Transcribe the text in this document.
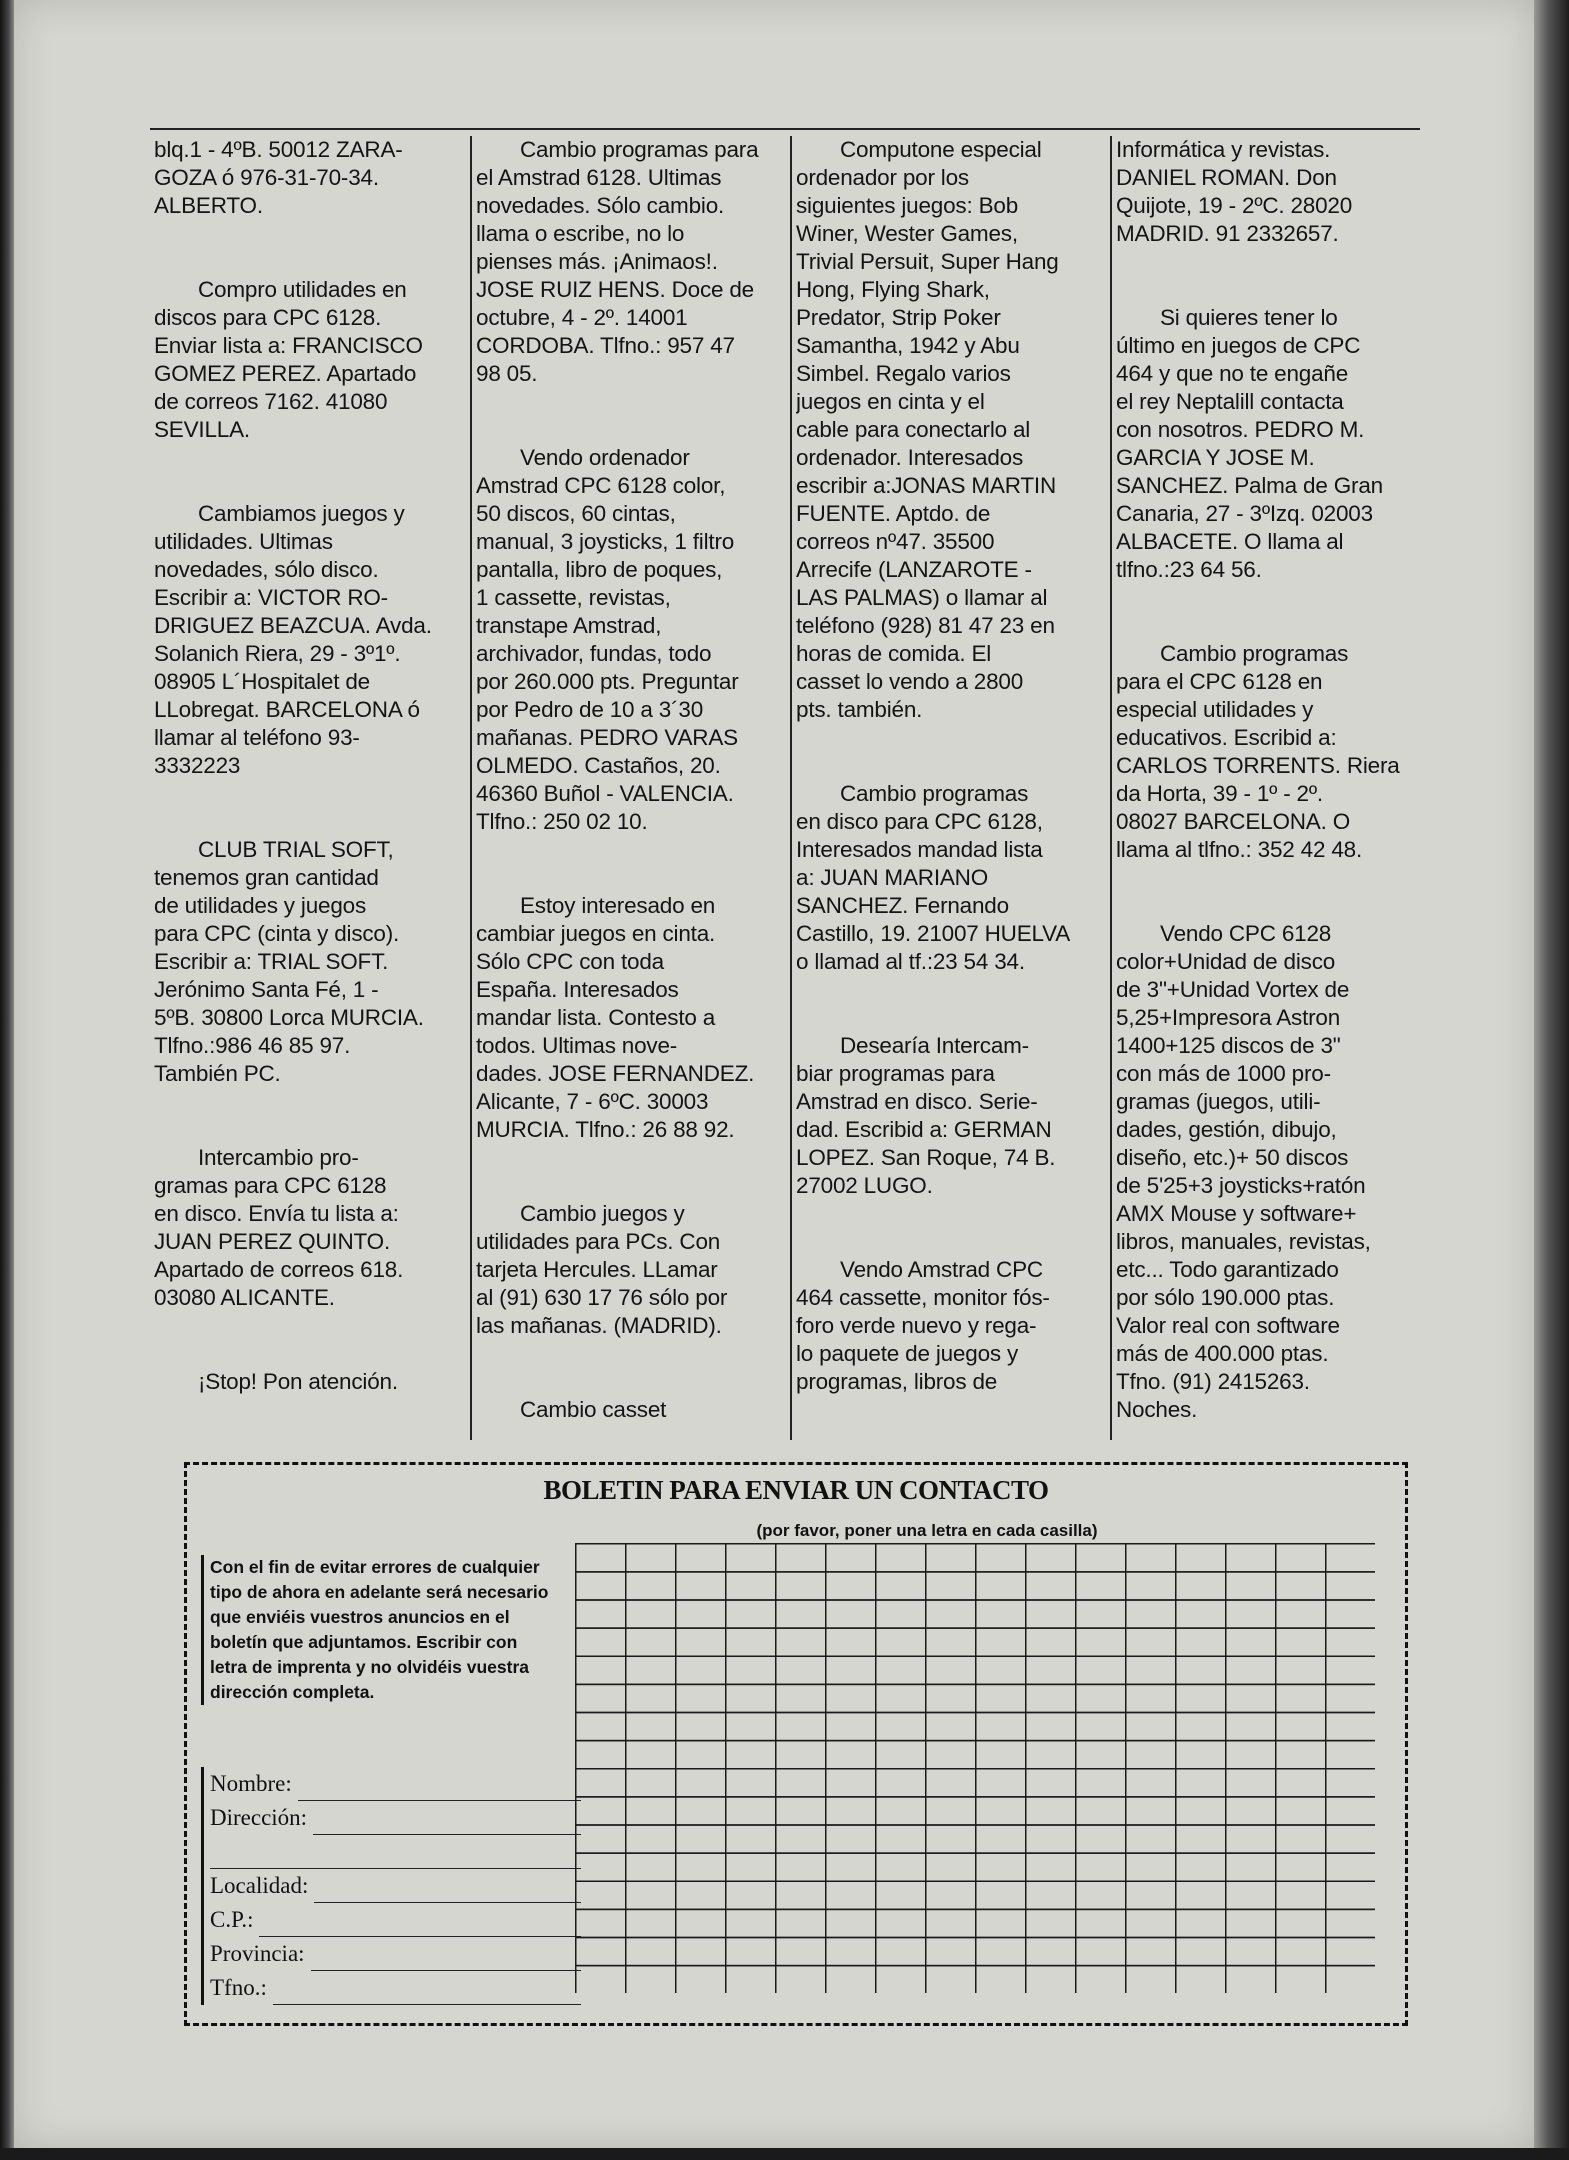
blq.1 - 4ºB. 50012 ZARA-
GOZA ó 976-31-70-34.
ALBERTO.

Compro utilidades en
discos para CPC 6128.
Enviar lista a: FRANCISCO
GOMEZ PEREZ. Apartado
de correos 7162. 41080
SEVILLA.

Cambiamos juegos y
utilidades. Ultimas
novedades, sólo disco.
Escribir a: VICTOR RO-
DRIGUEZ BEAZCUA. Avda.
Solanich Riera, 29 - 3º1º.
08905 L´Hospitalet de
LLobregat. BARCELONA ó
llamar al teléfono 93-
3332223

CLUB TRIAL SOFT,
tenemos gran cantidad
de utilidades y juegos
para CPC (cinta y disco).
Escribir a: TRIAL SOFT.
Jerónimo Santa Fé, 1 -
5ºB. 30800 Lorca MURCIA.
Tlfno.:986 46 85 97.
También PC.

Intercambio pro-
gramas para CPC 6128
en disco. Envía tu lista a:
JUAN PEREZ QUINTO.
Apartado de correos 618.
03080 ALICANTE.

¡Stop! Pon atención.

Cambio programas para
el Amstrad 6128. Ultimas
novedades. Sólo cambio.
llama o escribe, no lo
pienses más. ¡Animaos!.
JOSE RUIZ HENS. Doce de
octubre, 4 - 2º. 14001
CORDOBA. Tlfno.: 957 47
98 05.

Vendo ordenador
Amstrad CPC 6128 color,
50 discos, 60 cintas,
manual, 3 joysticks, 1 filtro
pantalla, libro de poques,
1 cassette, revistas,
transtape Amstrad,
archivador, fundas, todo
por 260.000 pts. Preguntar
por Pedro de 10 a 3´30
mañanas. PEDRO VARAS
OLMEDO. Castaños, 20.
46360 Buñol - VALENCIA.
Tlfno.: 250 02 10.

Estoy interesado en
cambiar juegos en cinta.
Sólo CPC con toda
España. Interesados
mandar lista. Contesto a
todos. Ultimas nove-
dades. JOSE FERNANDEZ.
Alicante, 7 - 6ºC. 30003
MURCIA. Tlfno.: 26 88 92.

Cambio juegos y
utilidades para PCs. Con
tarjeta Hercules. LLamar
al (91) 630 17 76 sólo por
las mañanas. (MADRID).

Cambio casset

Computone especial
ordenador por los
siguientes juegos: Bob
Winer, Wester Games,
Trivial Persuit, Super Hang
Hong, Flying Shark,
Predator, Strip Poker
Samantha, 1942 y Abu
Simbel. Regalo varios
juegos en cinta y el
cable para conectarlo al
ordenador. Interesados
escribir a:JONAS MARTIN
FUENTE. Aptdo. de
correos nº47. 35500
Arrecife (LANZAROTE -
LAS PALMAS) o llamar al
teléfono (928) 81 47 23 en
horas de comida. El
casset lo vendo a 2800
pts. también.

Cambio programas
en disco para CPC 6128,
Interesados mandad lista
a: JUAN MARIANO
SANCHEZ. Fernando
Castillo, 19. 21007 HUELVA
o llamad al tf.:23 54 34.

Desearía Intercam-
biar programas para
Amstrad en disco. Serie-
dad. Escribid a: GERMAN
LOPEZ. San Roque, 74 B.
27002 LUGO.

Vendo Amstrad CPC
464 cassette, monitor fós-
foro verde nuevo y rega-
lo paquete de juegos y
programas, libros de

Informática y revistas.
DANIEL ROMAN. Don
Quijote, 19 - 2ºC. 28020
MADRID. 91 2332657.

Si quieres tener lo
último en juegos de CPC
464 y que no te engañe
el rey Neptalill contacta
con nosotros. PEDRO M.
GARCIA Y JOSE M.
SANCHEZ. Palma de Gran
Canaria, 27 - 3ºIzq. 02003
ALBACETE. O llama al
tlfno.:23 64 56.

Cambio programas
para el CPC 6128 en
especial utilidades y
educativos. Escribid a:
CARLOS TORRENTS. Riera
da Horta, 39 - 1º - 2º.
08027 BARCELONA. O
llama al tlfno.: 352 42 48.

Vendo CPC 6128
color+Unidad de disco
de 3"+Unidad Vortex de
5,25+Impresora Astron
1400+125 discos de 3"
con más de 1000 pro-
gramas (juegos, utili-
dades, gestión, dibujo,
diseño, etc.)+ 50 discos
de 5'25+3 joysticks+ratón
AMX Mouse y software+
libros, manuales, revistas,
etc... Todo garantizado
por sólo 190.000 ptas.
Valor real con software
más de 400.000 ptas.
Tfno. (91) 2415263.
Noches.

BOLETIN PARA ENVIAR UN CONTACTO
(por favor, poner una letra en cada casilla)
Con el fin de evitar errores de cualquier tipo de ahora en adelante será necesario que enviéis vuestros anuncios en el boletín que adjuntamos. Escribir con letra de imprenta y no olvidéis vuestra dirección completa.
Nombre:
Dirección:
Localidad:
C.P.:
Provincia:
Tfno.:
